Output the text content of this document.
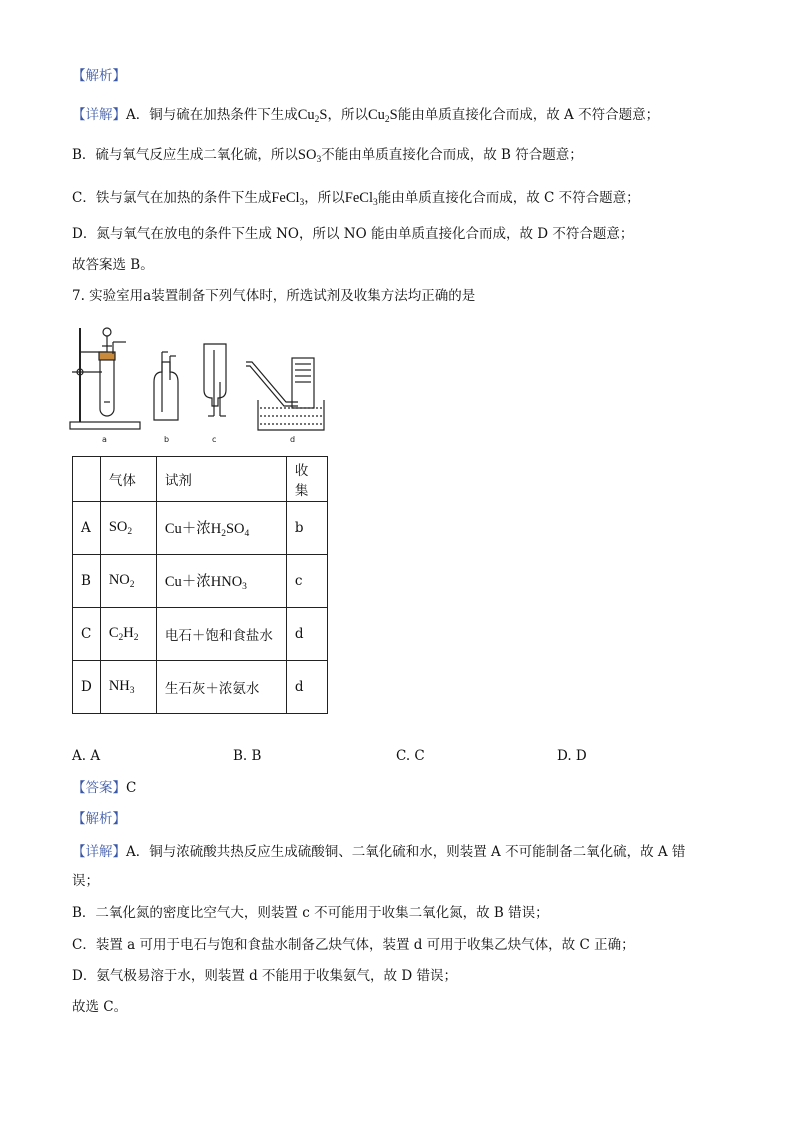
【解析】
【详解】A．铜与硫在加热条件下生成$Cu_2S$，所以$Cu_2S$能由单质直接化合而成，故 A 不符合题意；
B．硫与氧气反应生成二氧化硫，所以$SO_3$不能由单质直接化合而成，故 B 符合题意；
C．铁与氯气在加热的条件下生成FeCl$_3$，所以FeCl$_3$能由单质直接化合而成，故 C 不符合题意；
D．氮与氧气在放电的条件下生成 NO，所以 NO 能由单质直接化合而成，故 D 不符合题意；
故答案选 B。
7. 实验室用a装置制备下列气体时，所选试剂及收集方法均正确的是
a	b	c	d
	气体	试剂	收集
A	$SO_2$	Cu＋浓$H_2SO_4$	b
B	$NO_2$	Cu＋浓$HNO_3$	c
C	$C_2H_2$	电石＋饱和食盐水	d
D	$NH_3$	生石灰＋浓氨水	d
A. A	B. B	C. C	D. D
【答案】C
【解析】
【详解】A．铜与浓硫酸共热反应生成硫酸铜、二氧化硫和水，则装置 A 不可能制备二氧化硫，故 A 错
误；
B．二氧化氮的密度比空气大，则装置 c 不可能用于收集二氧化氮，故 B 错误；
C．装置 a 可用于电石与饱和食盐水制备乙炔气体，装置 d 可用于收集乙炔气体，故 C 正确；
D．氨气极易溶于水，则装置 d 不能用于收集氨气，故 D 错误；
故选 C。
